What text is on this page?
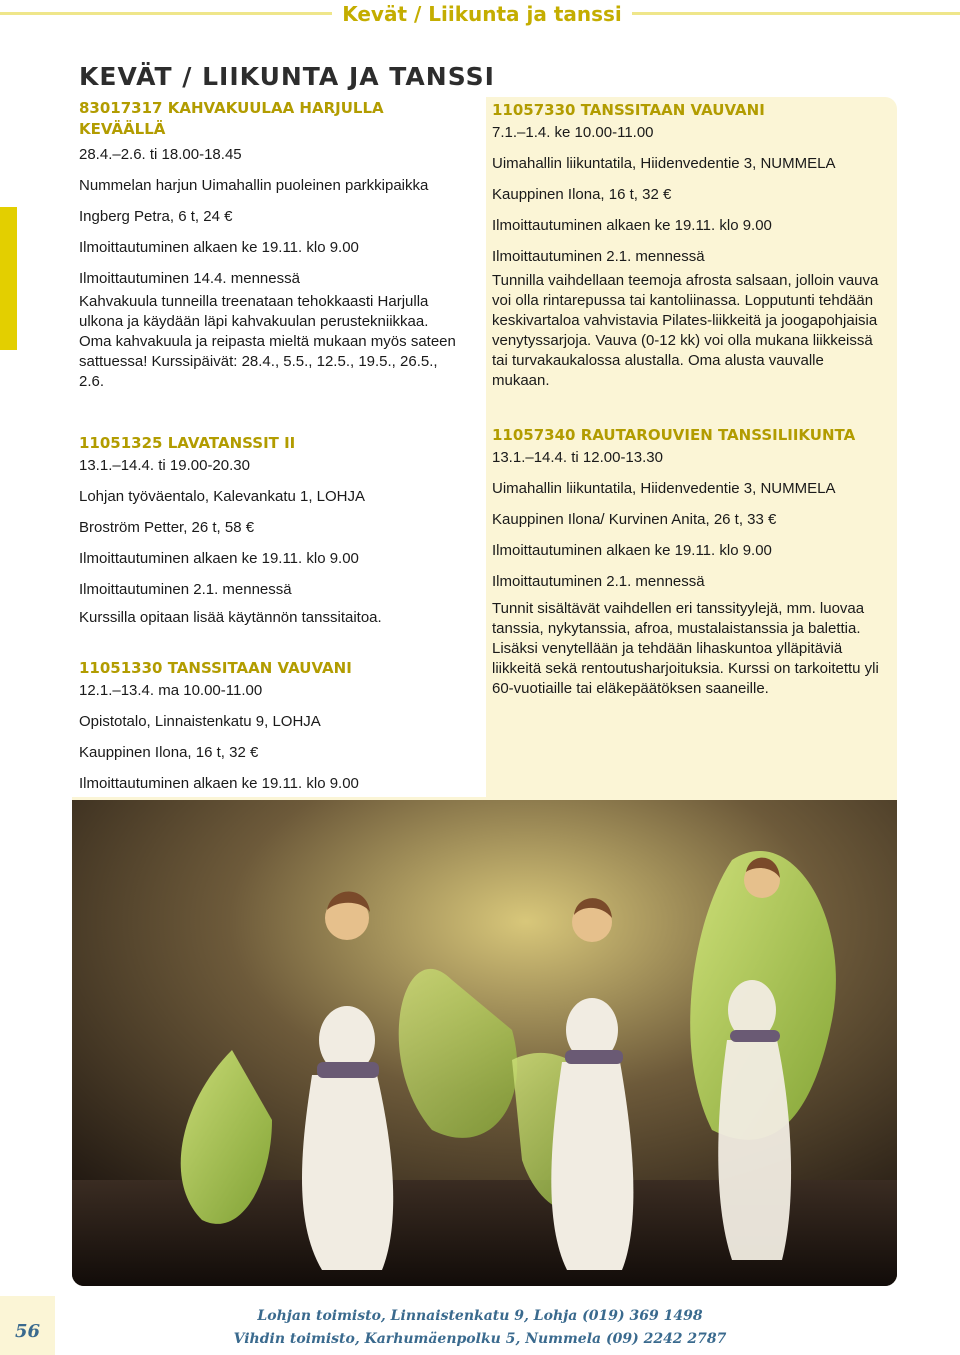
Kevät / Liikunta ja tanssi
KEVÄT / LIIKUNTA JA TANSSI
83017317 KAHVAKUULAA HARJULLA KEVÄÄLLÄ
28.4.–2.6. ti 18.00-18.45
Nummelan harjun Uimahallin puoleinen parkkipaikka
Ingberg Petra, 6 t, 24 €
Ilmoittautuminen alkaen ke 19.11. klo 9.00
Ilmoittautuminen 14.4. mennessä
Kahvakuula tunneilla treenataan tehokkaasti Harjulla ulkona ja käydään läpi kahvakuulan perustekniikkaa. Oma kahvakuula ja reipasta mieltä mukaan myös sateen sattuessa! Kurssipäivät: 28.4., 5.5., 12.5., 19.5., 26.5., 2.6.
11051325 LAVATANSSIT II
13.1.–14.4. ti 19.00-20.30
Lohjan työväentalo, Kalevankatu 1, LOHJA
Broström Petter, 26 t, 58 €
Ilmoittautuminen alkaen ke 19.11. klo 9.00
Ilmoittautuminen 2.1. mennessä
Kurssilla opitaan lisää käytännön tanssitaitoa.
11051330 TANSSITAAN VAUVANI
12.1.–13.4. ma 10.00-11.00
Opistotalo, Linnaistenkatu 9, LOHJA
Kauppinen Ilona, 16 t, 32 €
Ilmoittautuminen alkaen ke 19.11. klo 9.00
11057330 TANSSITAAN VAUVANI
7.1.–1.4. ke 10.00-11.00
Uimahallin liikuntatila, Hiidenvedentie 3, NUMMELA
Kauppinen Ilona, 16 t, 32 €
Ilmoittautuminen alkaen ke 19.11. klo 9.00
Ilmoittautuminen 2.1. mennessä
Tunnilla vaihdellaan teemoja afrosta salsaan, jolloin vauva voi olla rintarepussa tai kantoliinassa. Lopputunti tehdään keskivartaloa vahvistavia Pilates-liikkeitä ja joogapohjaisia venytyssarjoja. Vauva (0-12 kk) voi olla mukana liikkeissä tai turvakaukalossa alustalla. Oma alusta vauvalle mukaan.
11057340 RAUTAROUVIEN TANSSILIIKUNTA
13.1.–14.4. ti 12.00-13.30
Uimahallin liikuntatila, Hiidenvedentie 3, NUMMELA
Kauppinen Ilona/ Kurvinen Anita, 26 t, 33 €
Ilmoittautuminen alkaen ke 19.11. klo 9.00
Ilmoittautuminen 2.1. mennessä
Tunnit sisältävät vaihdellen eri tanssityylejä, mm. luovaa tanssia, nykytanssia, afroa, mustalaistanssia ja balettia. Lisäksi venytellään ja tehdään lihaskuntoa ylläpitäviä liikkeitä sekä rentoutusharjoituksia. Kurssi on tarkoitettu yli 60-vuotiaille tai eläkepäätöksen saaneille.
56
Lohjan toimisto, Linnaistenkatu 9, Lohja (019) 369 1498
Vihdin toimisto, Karhumäenpolku 5, Nummela (09) 2242 2787
